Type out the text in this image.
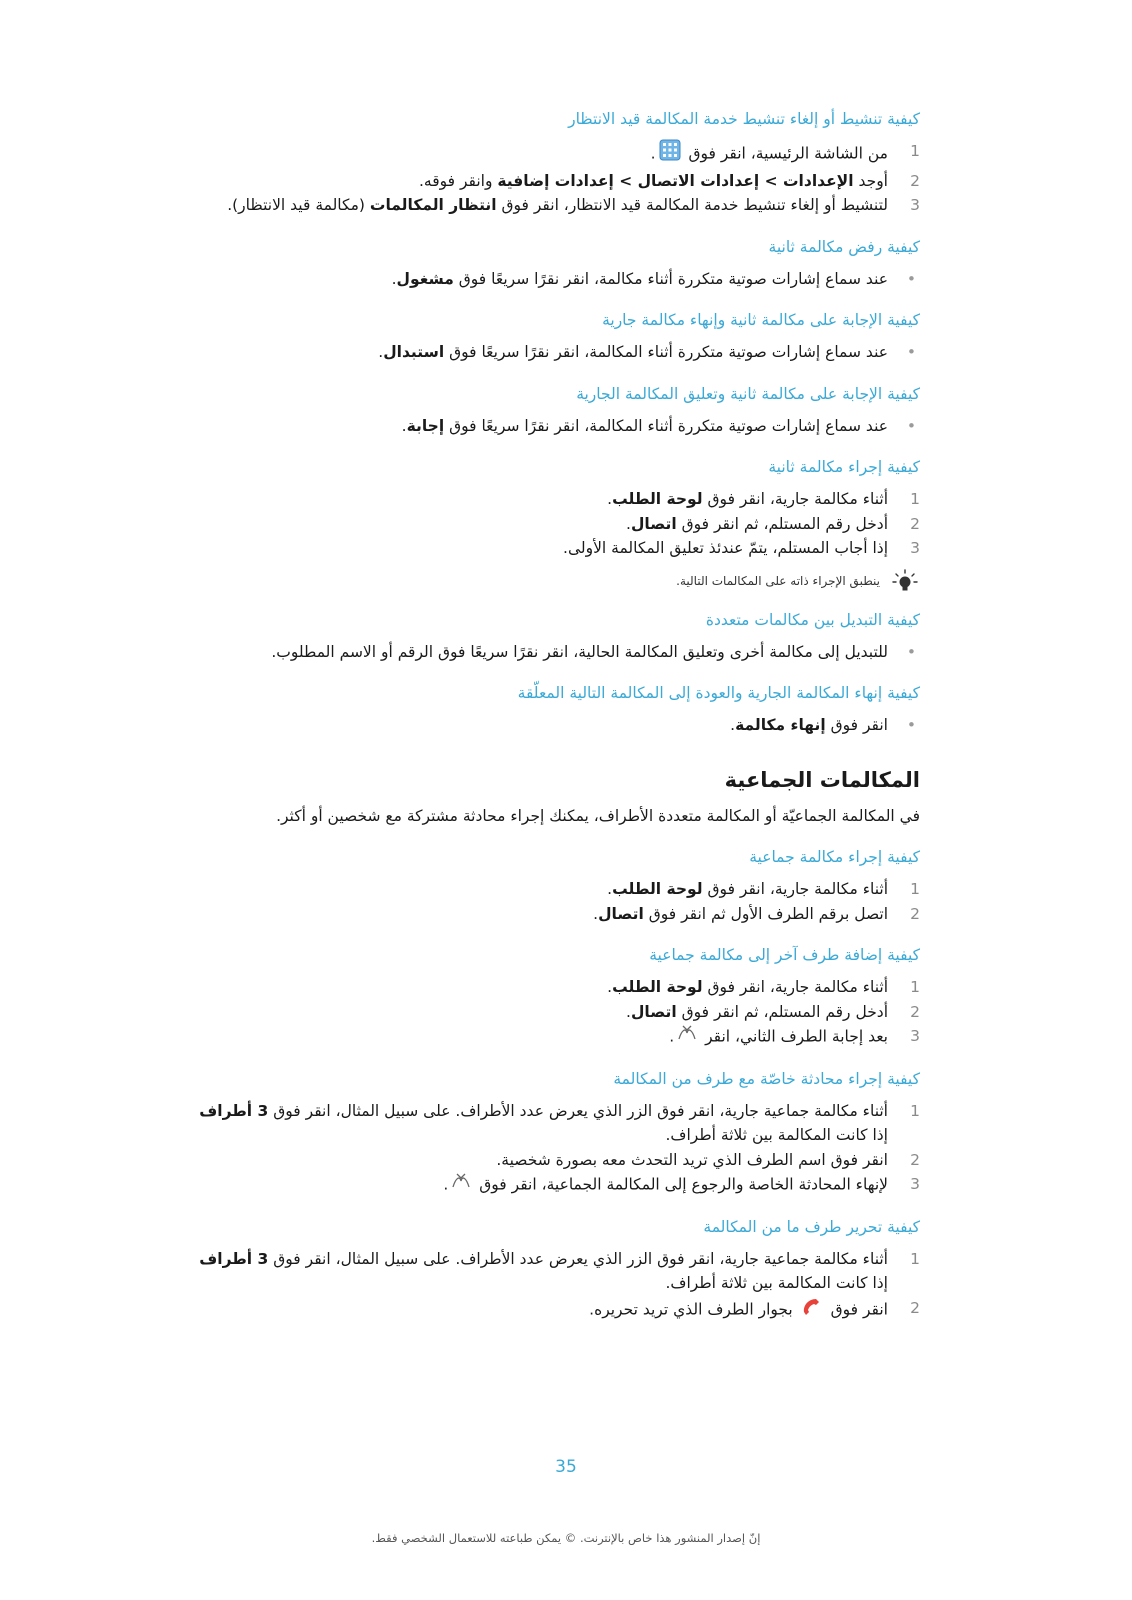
كيفية تنشيط أو إلغاء تنشيط خدمة المكالمة قيد الانتظار
1
من الشاشة الرئيسية، انقر فوق .
2
أوجد الإعدادات > إعدادات الاتصال > إعدادات إضافية وانقر فوقه.
3
لتنشيط أو إلغاء تنشيط خدمة المكالمة قيد الانتظار، انقر فوق انتظار المكالمات (مكالمة قيد الانتظار).
كيفية رفض مكالمة ثانية
•
عند سماع إشارات صوتية متكررة أثناء مكالمة، انقر نقرًا سريعًا فوق مشغول.
كيفية الإجابة على مكالمة ثانية وإنهاء مكالمة جارية
•
عند سماع إشارات صوتية متكررة أثناء المكالمة، انقر نقرًا سريعًا فوق استبدال.
كيفية الإجابة على مكالمة ثانية وتعليق المكالمة الجارية
•
عند سماع إشارات صوتية متكررة أثناء المكالمة، انقر نقرًا سريعًا فوق إجابة.
كيفية إجراء مكالمة ثانية
1
أثناء مكالمة جارية، انقر فوق لوحة الطلب.
2
أدخل رقم المستلم، ثم انقر فوق اتصال.
3
إذا أجاب المستلم، يتمّ عندئذ تعليق المكالمة الأولى.
ينطبق الإجراء ذاته على المكالمات التالية.
كيفية التبديل بين مكالمات متعددة
•
للتبديل إلى مكالمة أخرى وتعليق المكالمة الحالية، انقر نقرًا سريعًا فوق الرقم أو الاسم المطلوب.
كيفية إنهاء المكالمة الجارية والعودة إلى المكالمة التالية المعلّقة
•
انقر فوق إنهاء مكالمة.
المكالمات الجماعية
في المكالمة الجماعيّة أو المكالمة متعددة الأطراف، يمكنك إجراء محادثة مشتركة مع شخصين أو أكثر.
كيفية إجراء مكالمة جماعية
1
أثناء مكالمة جارية، انقر فوق لوحة الطلب.
2
اتصل برقم الطرف الأول ثم انقر فوق اتصال.
كيفية إضافة طرف آخر إلى مكالمة جماعية
1
أثناء مكالمة جارية، انقر فوق لوحة الطلب.
2
أدخل رقم المستلم، ثم انقر فوق اتصال.
3
بعد إجابة الطرف الثاني، انقر .
كيفية إجراء محادثة خاصّة مع طرف من المكالمة
1
أثناء مكالمة جماعية جارية، انقر فوق الزر الذي يعرض عدد الأطراف. على سبيل المثال، انقر فوق 3 أطراف إذا كانت المكالمة بين ثلاثة أطراف.
2
انقر فوق اسم الطرف الذي تريد التحدث معه بصورة شخصية.
3
لإنهاء المحادثة الخاصة والرجوع إلى المكالمة الجماعية، انقر فوق .
كيفية تحرير طرف ما من المكالمة
1
أثناء مكالمة جماعية جارية، انقر فوق الزر الذي يعرض عدد الأطراف. على سبيل المثال، انقر فوق 3 أطراف إذا كانت المكالمة بين ثلاثة أطراف.
2
انقر فوق  بجوار الطرف الذي تريد تحريره.
35
إنّ إصدار المنشور هذا خاص بالإنترنت. © يمكن طباعته للاستعمال الشخصي فقط.
